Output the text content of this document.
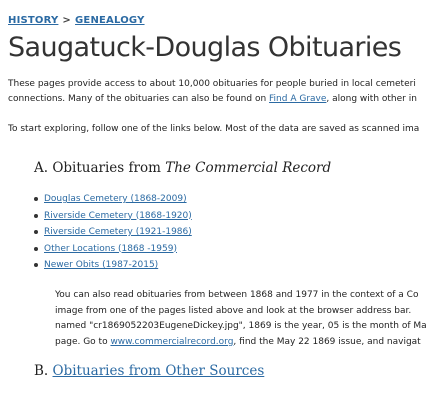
HISTORY > GENEALOGY
Saugatuck-Douglas Obituaries

These pages provide access to about 10,000 obituaries for people buried in local cemeteri

connections. Many of the obituaries can also be found on Find A Grave, along with other in

To start exploring, follow one of the links below. Most of the data are saved as scanned ima

A. Obituaries from The Commercial Record
Douglas Cemetery (1868-2009)
Riverside Cemetery (1868-1920)
Riverside Cemetery (1921-1986)
Other Locations (1868 -1959)
Newer Obits (1987-2015)

You can also read obituaries from between 1868 and 1977 in the context of a Co

image from one of the pages listed above and look at the browser address bar.

named "cr1869052203EugeneDickey.jpg", 1869 is the year, 05 is the month of Ma

page. Go to www.commercialrecord.org, find the May 22 1869 issue, and navigat

B. Obituaries from Other Sources
